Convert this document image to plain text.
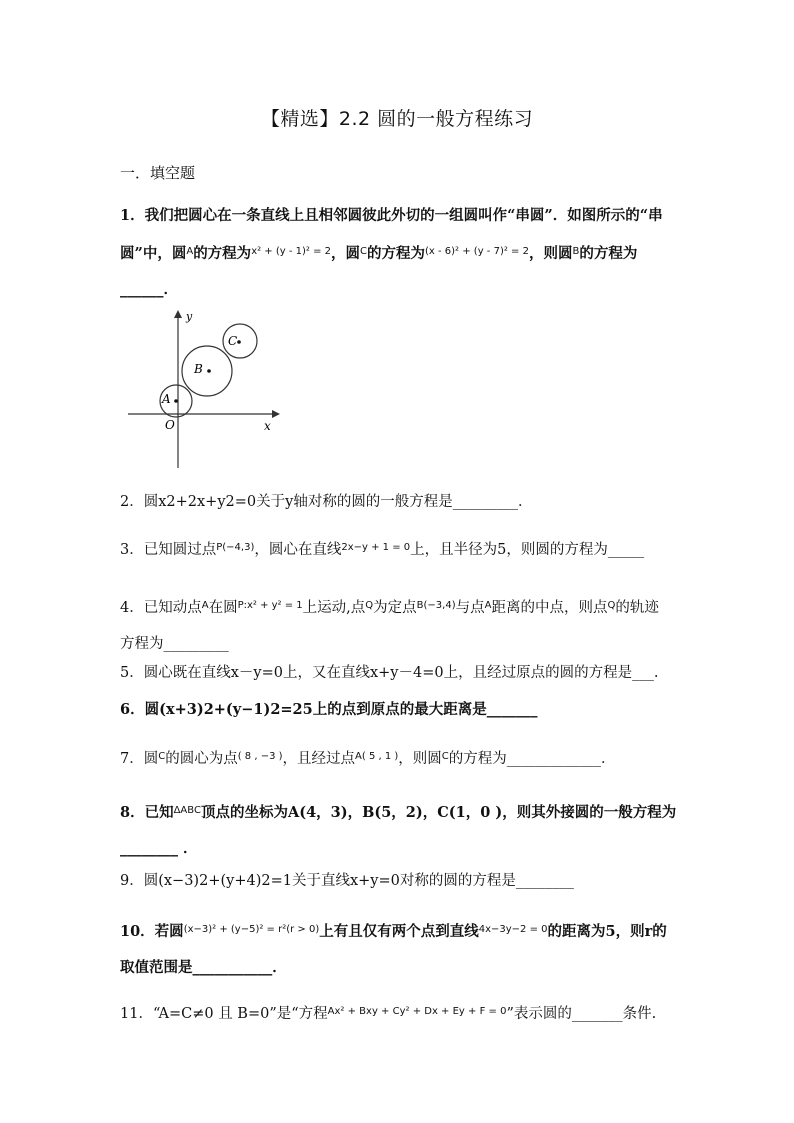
【精选】2.2 圆的一般方程练习
一．填空题
1．我们把圆心在一条直线上且相邻圆彼此外切的一组圆叫作“串圆”．如图所示的“串
圆”中，圆$^A$的方程为$^{x^2 + (y - 1)^2 = 2}$，圆$^C$的方程为$^{(x - 6)^2 + (y - 7)^2 = 2}$，则圆$^B$的方程为
______．
y
x
O
A
B
C
2．圆x2+2x+y2=0关于y轴对称的圆的一般方程是_________．
3．已知圆过点$^{P(-4,3)}$，圆心在直线$^{2x-y + 1 = 0}$上，且半径为5，则圆的方程为_____
4．已知动点$^A$在圆$^{P:x^2 + y^2 = 1}$上运动,点$^Q$为定点$^{B(-3,4)}$与点$^A$距离的中点，则点$^Q$的轨迹
方程为_________
5．圆心既在直线x－y=0上，又在直线x+y－4=0上，且经过原点的圆的方程是___.
6．圆(x+3)2+(y−1)2=25上的点到原点的最大距离是_______
7．圆$^C$的圆心为点$^{( 8 , -3 )}$，且经过点$^{A( 5 , 1 )}$，则圆$^C$的方程为_____________．
8．已知$^{\Delta ABC}$顶点的坐标为A(4，3)，B(5，2)，C(1，0 )，则其外接圆的一般方程为
________ ．
9．圆(x−3)2+(y+4)2=1关于直线x+y=0对称的圆的方程是________
10．若圆$^{(x-3)^2 + (y-5)^2 = r^2(r > 0)}$上有且仅有两个点到直线$^{4x-3y-2 = 0}$的距离为5，则r的
取值范围是___________．
11．“A=C≠0 且 B=0”是“方程$^{Ax^2 + Bxy + Cy^2 + Dx + Ey + F = 0}$”表示圆的_______条件.
